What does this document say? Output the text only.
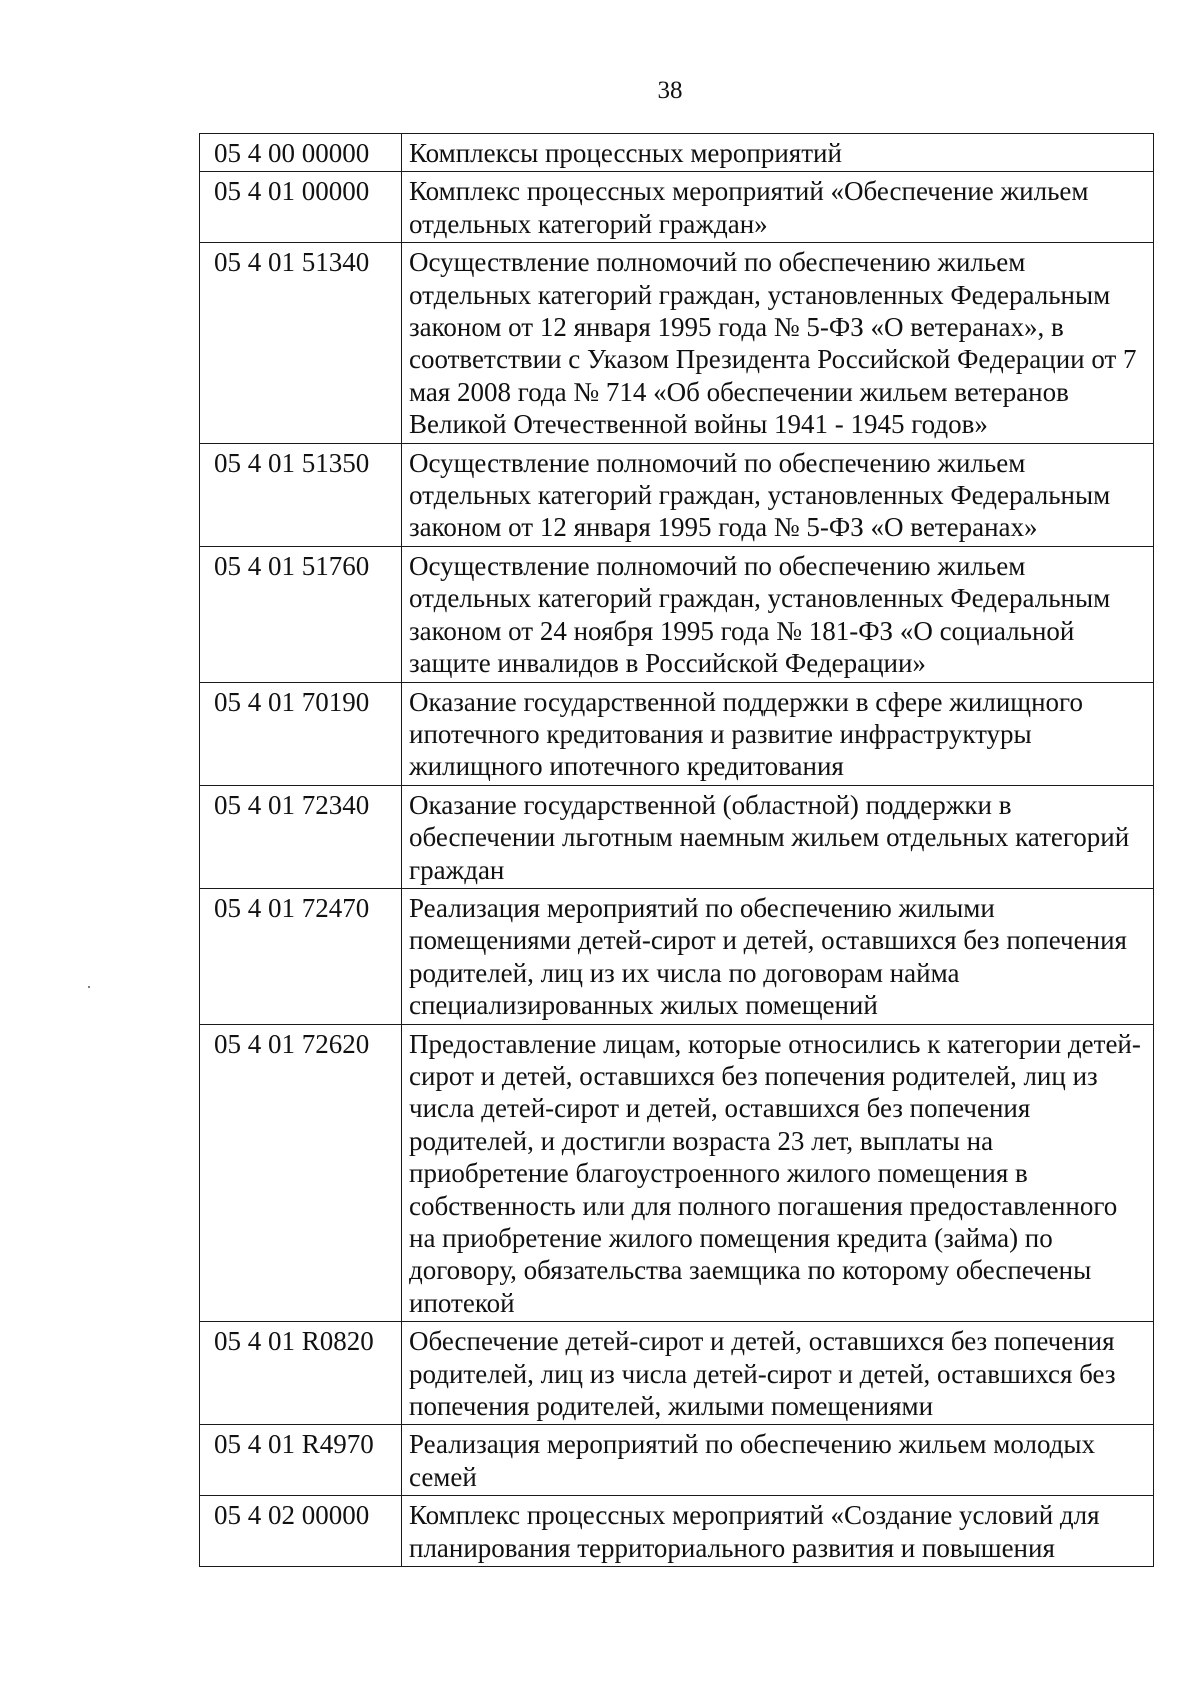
38
05 4 00 00000	Комплексы процессных мероприятий
05 4 01 00000	Комплекс процессных мероприятий «Обеспечение жильем отдельных категорий граждан»
05 4 01 51340	Осуществление полномочий по обеспечению жильем отдельных категорий граждан, установленных Федеральным законом от 12 января 1995 года № 5-ФЗ «О ветеранах», в соответствии с Указом Президента Российской Федерации от 7 мая 2008 года № 714 «Об обеспечении жильем ветеранов Великой Отечественной войны 1941 - 1945 годов»
05 4 01 51350	Осуществление полномочий по обеспечению жильем отдельных категорий граждан, установленных Федеральным законом от 12 января 1995 года № 5-ФЗ «О ветеранах»
05 4 01 51760	Осуществление полномочий по обеспечению жильем отдельных категорий граждан, установленных Федеральным законом от 24 ноября 1995 года № 181-ФЗ «О социальной защите инвалидов в Российской Федерации»
05 4 01 70190	Оказание государственной поддержки в сфере жилищного ипотечного кредитования и развитие инфраструктуры жилищного ипотечного кредитования
05 4 01 72340	Оказание государственной (областной) поддержки в обеспечении льготным наемным жильем отдельных категорий граждан
05 4 01 72470	Реализация мероприятий по обеспечению жилыми помещениями детей-сирот и детей, оставшихся без попечения родителей, лиц из их числа по договорам найма специализированных жилых помещений
05 4 01 72620	Предоставление лицам, которые относились к категории детей-сирот и детей, оставшихся без попечения родителей, лиц из числа детей-сирот и детей, оставшихся без попечения родителей, и достигли возраста 23 лет, выплаты на приобретение благоустроенного жилого помещения в собственность или для полного погашения предоставленного на приобретение жилого помещения кредита (займа) по договору, обязательства заемщика по которому обеспечены ипотекой
05 4 01 R0820	Обеспечение детей-сирот и детей, оставшихся без попечения родителей, лиц из числа детей-сирот и детей, оставшихся без попечения родителей, жилыми помещениями
05 4 01 R4970	Реализация мероприятий по обеспечению жильем молодых семей
05 4 02 00000	Комплекс процессных мероприятий «Создание условий для планирования территориального развития и повышения
